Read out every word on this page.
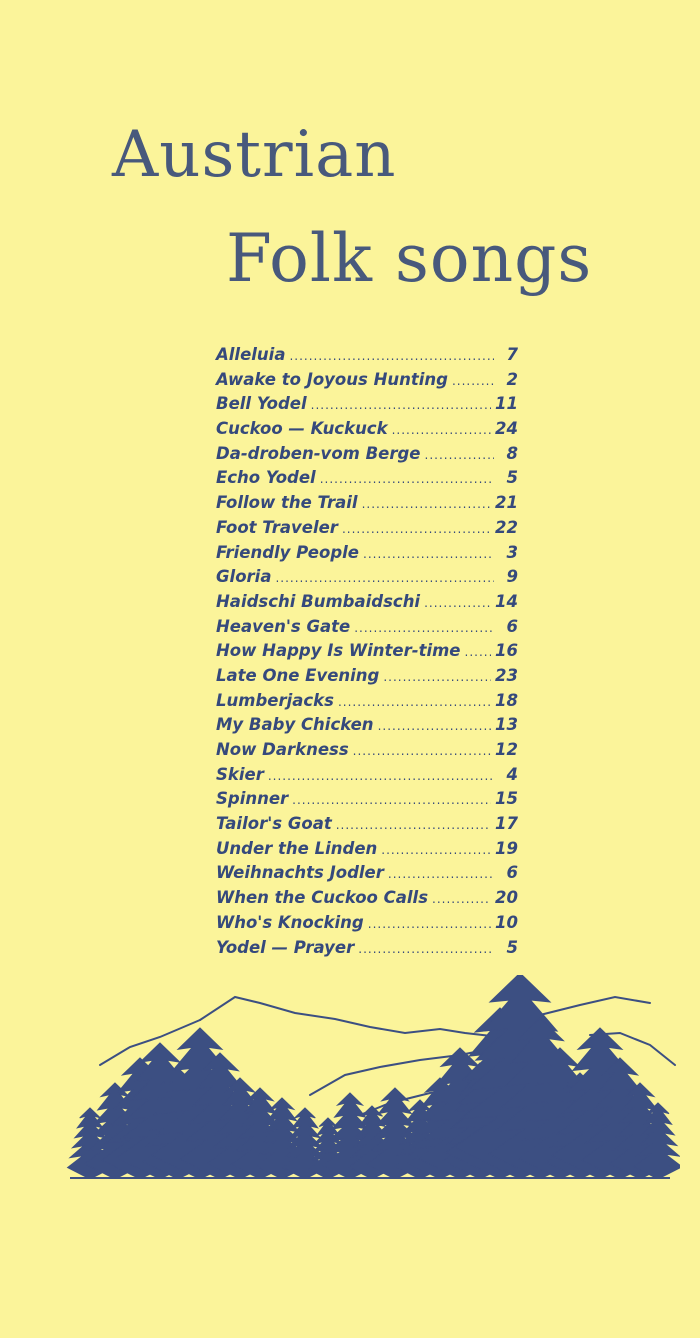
Austrian
Folk songs
Alleluia .....	7
Awake to Joyous Hunting .....	2
Bell Yodel .....	11
Cuckoo — Kuckuck .....	24
Da-droben-vom Berge .....	8
Echo Yodel .....	5
Follow the Trail .....	21
Foot Traveler .....	22
Friendly People .....	3
Gloria .....	9
Haidschi Bumbaidschi .....	14
Heaven's Gate .....	6
How Happy Is Winter-time ..... 16
Late One Evening .....	23
Lumberjacks .....	18
My Baby Chicken .....	13
Now Darkness .....	12
Skier .....	4
Spinner .....	15
Tailor's Goat .....	17
Under the Linden .....	19
Weihnachts Jodler .....	6
When the Cuckoo Calls .....	20
Who's Knocking .....	10
Yodel — Prayer .....	5
